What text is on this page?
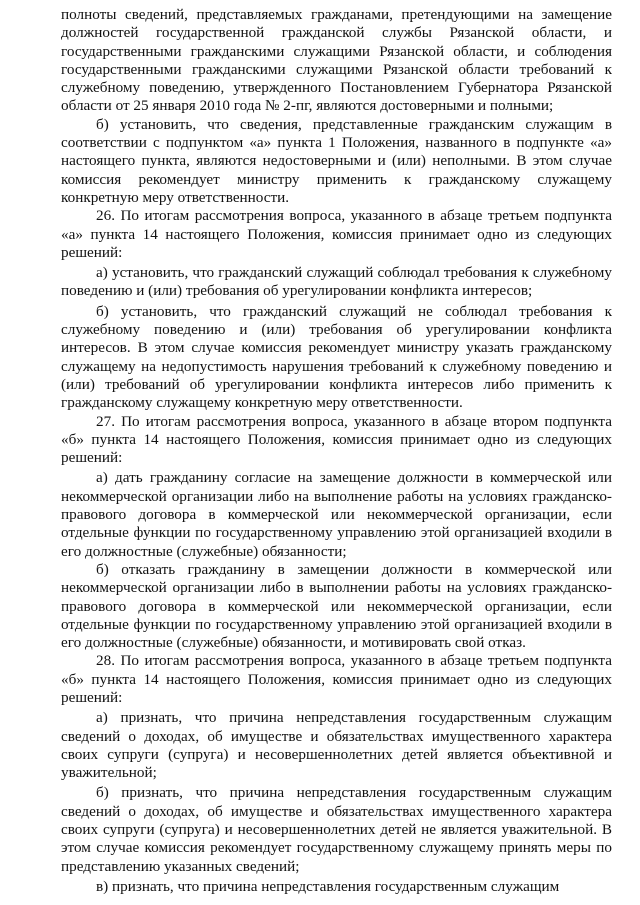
полноты сведений, представляемых гражданами, претендующими на замещение должностей государственной гражданской службы Рязанской области, и государственными гражданскими служащими Рязанской области, и соблюдения государственными гражданскими служащими Рязанской области требований к служебному поведению, утвержденного Постановлением Губернатора Рязанской области от 25 января 2010 года № 2-пг, являются достоверными и полными;

б) установить, что сведения, представленные гражданским служащим в соответствии с подпунктом «а» пункта 1 Положения, названного в подпункте «а» настоящего пункта, являются недостоверными и (или) неполными. В этом случае комиссия рекомендует министру применить к гражданскому служащему конкретную меру ответственности.

26. По итогам рассмотрения вопроса, указанного в абзаце третьем подпункта «а» пункта 14 настоящего Положения, комиссия принимает одно из следующих решений:

а) установить, что гражданский служащий соблюдал требования к служебному поведению и (или) требования об урегулировании конфликта интересов;

б) установить, что гражданский служащий не соблюдал требования к служебному поведению и (или) требования об урегулировании конфликта интересов. В этом случае комиссия рекомендует министру указать гражданскому служащему на недопустимость нарушения требований к служебному поведению и (или) требований об урегулировании конфликта интересов либо применить к гражданскому служащему конкретную меру ответственности.

27. По итогам рассмотрения вопроса, указанного в абзаце втором подпункта «б» пункта 14 настоящего Положения, комиссия принимает одно из следующих решений:

а) дать гражданину согласие на замещение должности в коммерческой или некоммерческой организации либо на выполнение работы на условиях гражданско-правового договора в коммерческой или некоммерческой организации, если отдельные функции по государственному управлению этой организацией входили в его должностные (служебные) обязанности;

б) отказать гражданину в замещении должности в коммерческой или некоммерческой организации либо в выполнении работы на условиях гражданско-правового договора в коммерческой или некоммерческой организации, если отдельные функции по государственному управлению этой организацией входили в его должностные (служебные) обязанности, и мотивировать свой отказ.

28. По итогам рассмотрения вопроса, указанного в абзаце третьем подпункта «б» пункта 14 настоящего Положения, комиссия принимает одно из следующих решений:

а) признать, что причина непредставления государственным служащим сведений о доходах, об имуществе и обязательствах имущественного характера своих супруги (супруга) и несовершеннолетних детей является объективной и уважительной;

б) признать, что причина непредставления государственным служащим сведений о доходах, об имуществе и обязательствах имущественного характера своих супруги (супруга) и несовершеннолетних детей не является уважительной. В этом случае комиссия рекомендует государственному служащему принять меры по представлению указанных сведений;

в) признать, что причина непредставления государственным служащим
